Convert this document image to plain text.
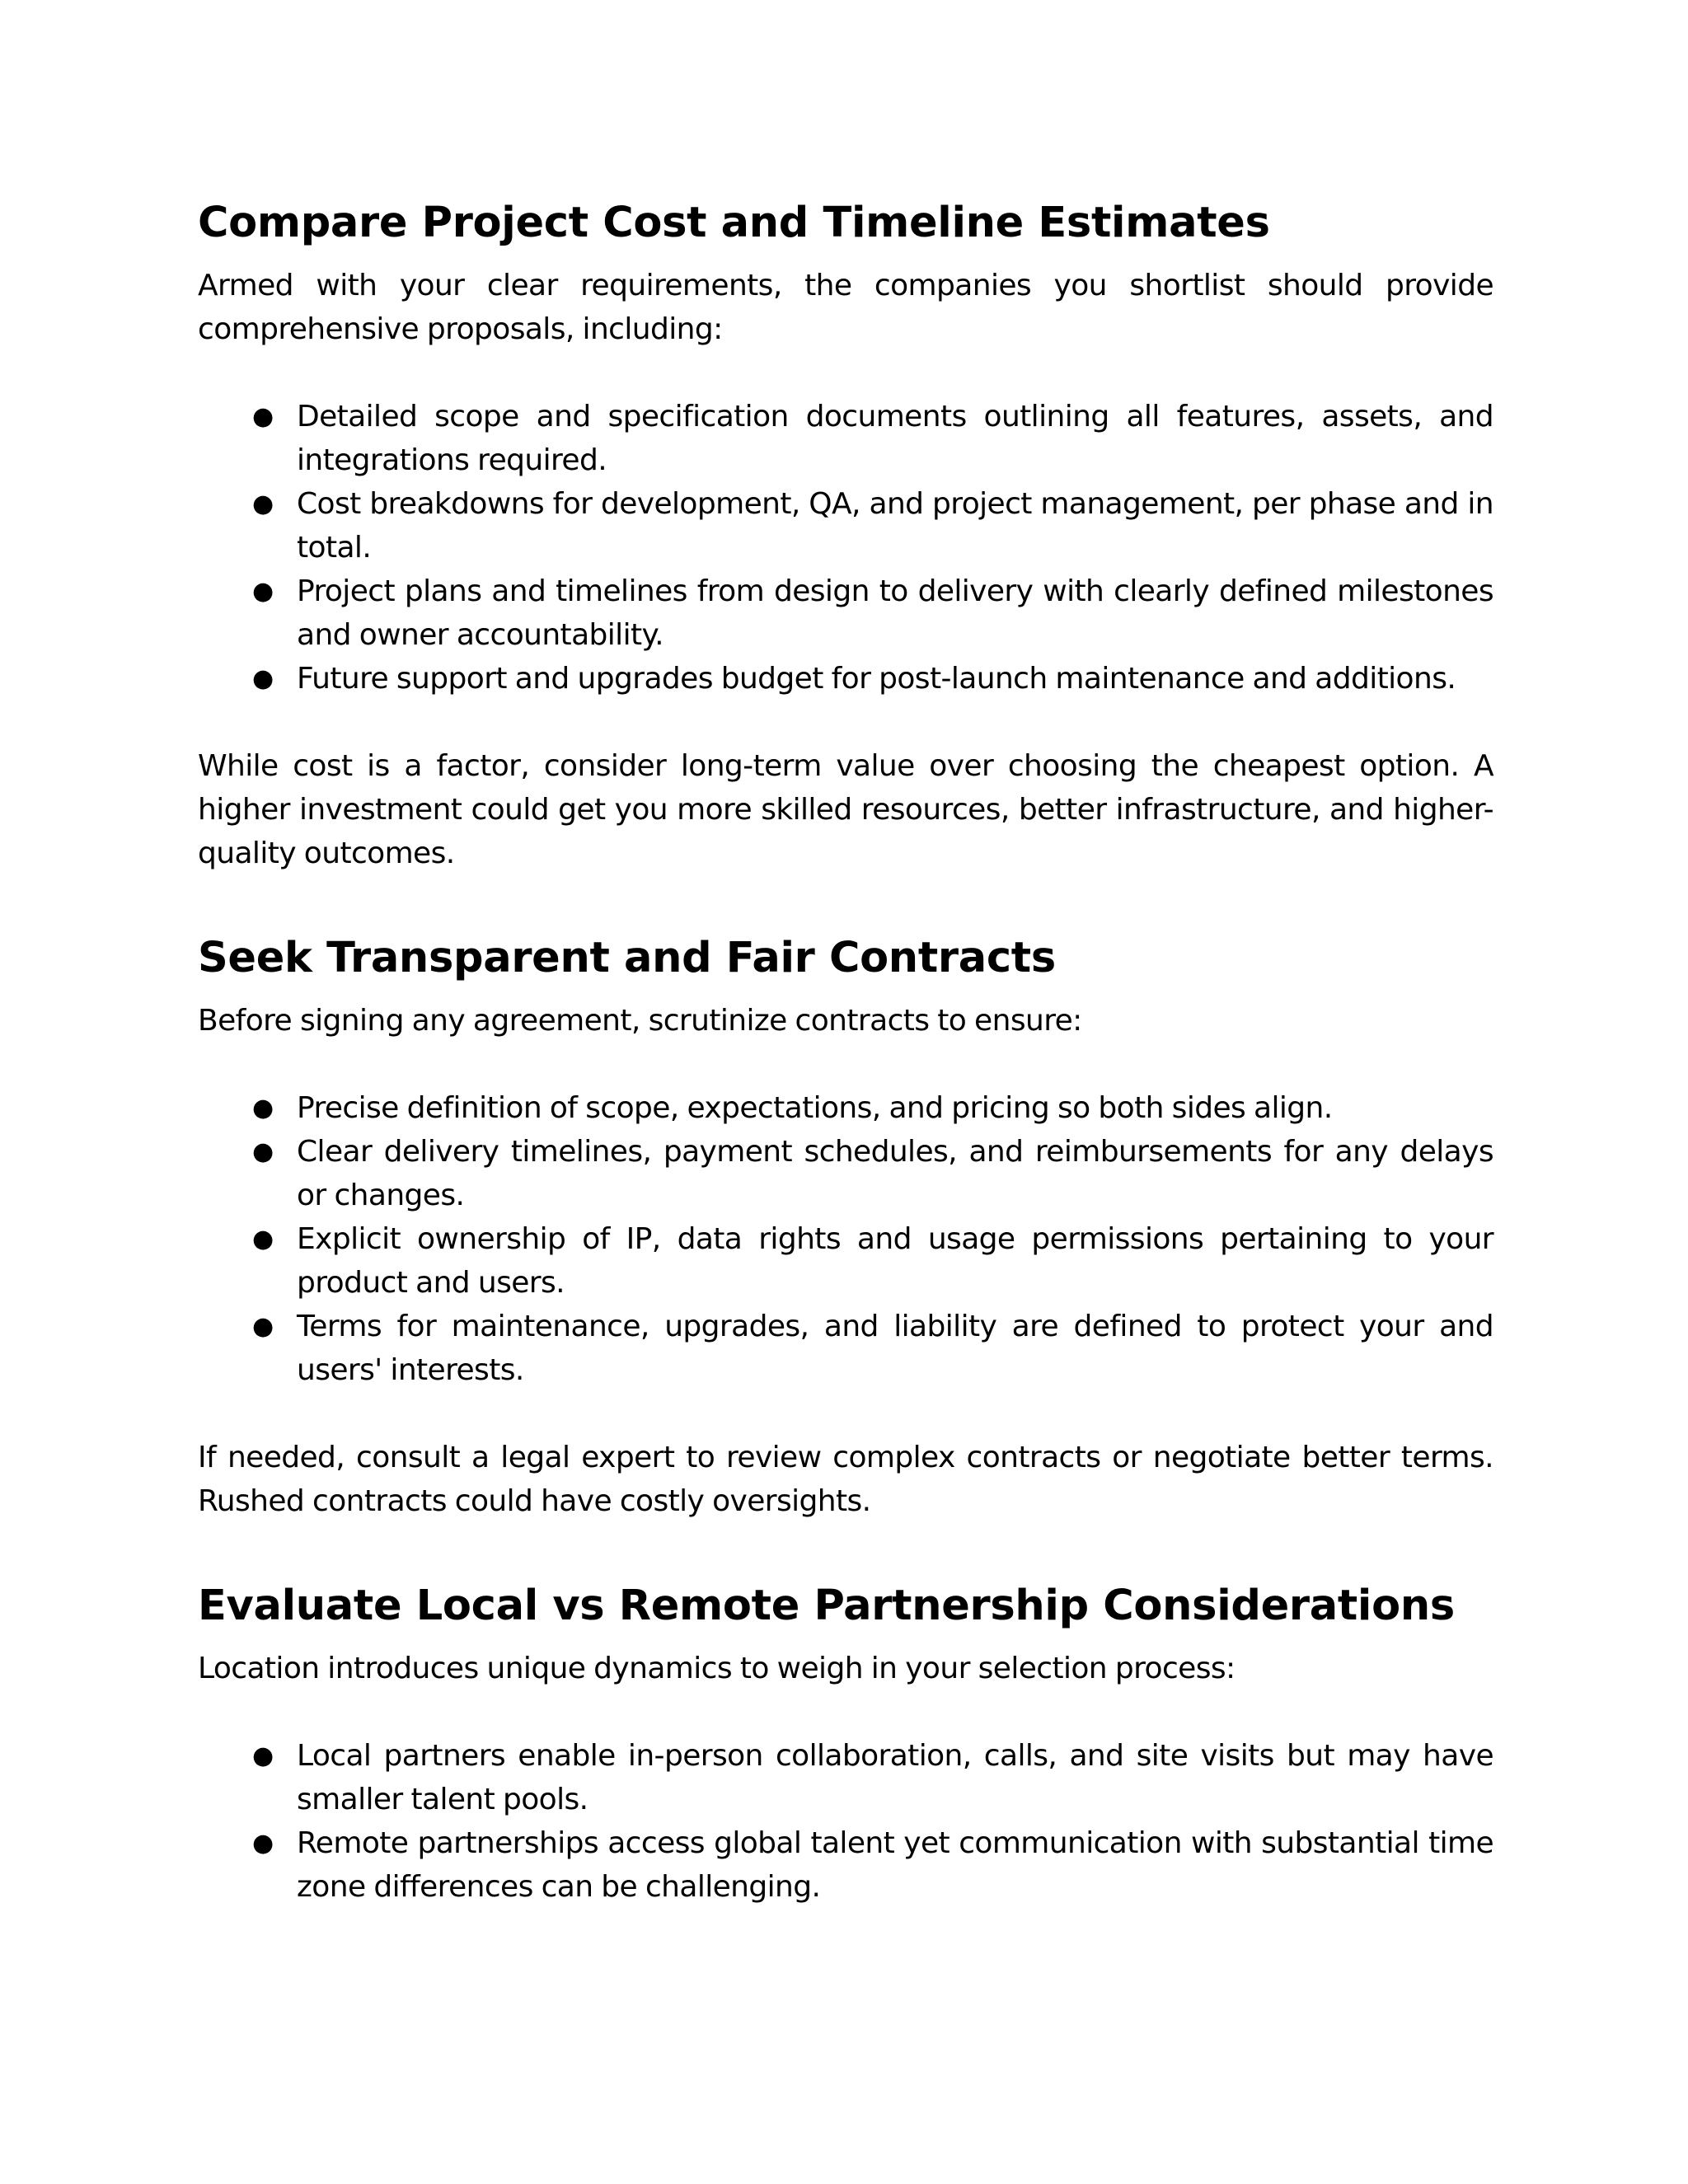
Compare Project Cost and Timeline Estimates

Armed with your clear requirements, the companies you shortlist should provide comprehensive proposals, including:

● Detailed scope and specification documents outlining all features, assets, and integrations required.
● Cost breakdowns for development, QA, and project management, per phase and in total.
● Project plans and timelines from design to delivery with clearly defined milestones and owner accountability.
● Future support and upgrades budget for post-launch maintenance and additions.

While cost is a factor, consider long-term value over choosing the cheapest option. A higher investment could get you more skilled resources, better infrastructure, and higher-quality outcomes.

Seek Transparent and Fair Contracts

Before signing any agreement, scrutinize contracts to ensure:

● Precise definition of scope, expectations, and pricing so both sides align.
● Clear delivery timelines, payment schedules, and reimbursements for any delays or changes.
● Explicit ownership of IP, data rights and usage permissions pertaining to your product and users.
● Terms for maintenance, upgrades, and liability are defined to protect your and users' interests.

If needed, consult a legal expert to review complex contracts or negotiate better terms. Rushed contracts could have costly oversights.

Evaluate Local vs Remote Partnership Considerations

Location introduces unique dynamics to weigh in your selection process:

● Local partners enable in-person collaboration, calls, and site visits but may have smaller talent pools.
● Remote partnerships access global talent yet communication with substantial time zone differences can be challenging.
